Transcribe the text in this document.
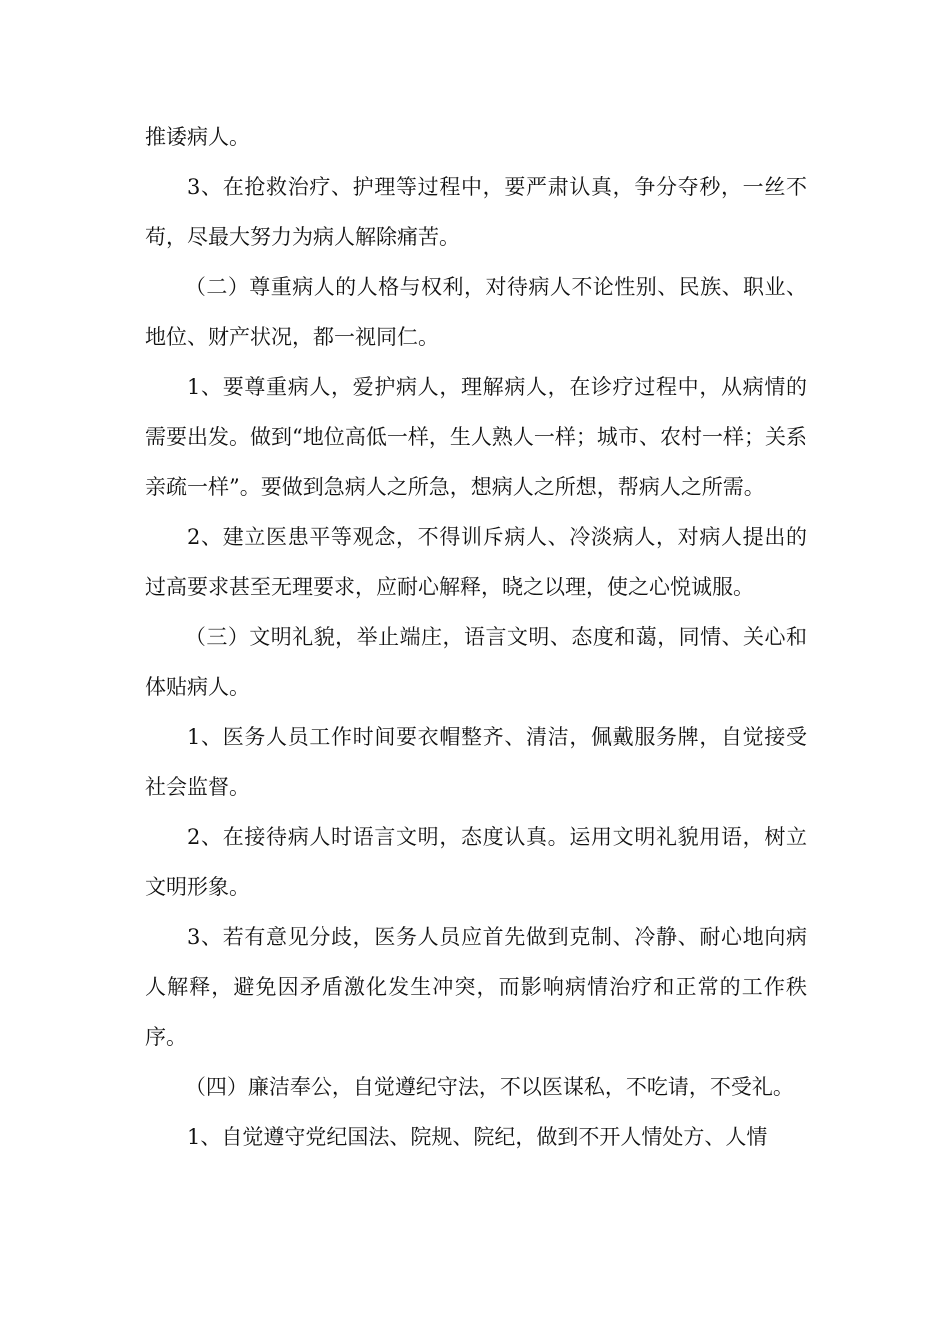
推诿病人。

3、在抢救治疗、护理等过程中，要严肃认真，争分夺秒，一丝不苟，尽最大努力为病人解除痛苦。

（二）尊重病人的人格与权利，对待病人不论性别、民族、职业、地位、财产状况，都一视同仁。

1、要尊重病人，爱护病人，理解病人，在诊疗过程中，从病情的需要出发。做到“地位高低一样，生人熟人一样；城市、农村一样；关系亲疏一样”。要做到急病人之所急，想病人之所想，帮病人之所需。

2、建立医患平等观念，不得训斥病人、冷淡病人，对病人提出的过高要求甚至无理要求，应耐心解释，晓之以理，使之心悦诚服。

（三）文明礼貌，举止端庄，语言文明、态度和蔼，同情、关心和体贴病人。

1、医务人员工作时间要衣帽整齐、清洁，佩戴服务牌，自觉接受社会监督。

2、在接待病人时语言文明，态度认真。运用文明礼貌用语，树立文明形象。

3、若有意见分歧，医务人员应首先做到克制、冷静、耐心地向病人解释，避免因矛盾激化发生冲突，而影响病情治疗和正常的工作秩序。

（四）廉洁奉公，自觉遵纪守法，不以医谋私，不吃请，不受礼。

1、自觉遵守党纪国法、院规、院纪，做到不开人情处方、人情
